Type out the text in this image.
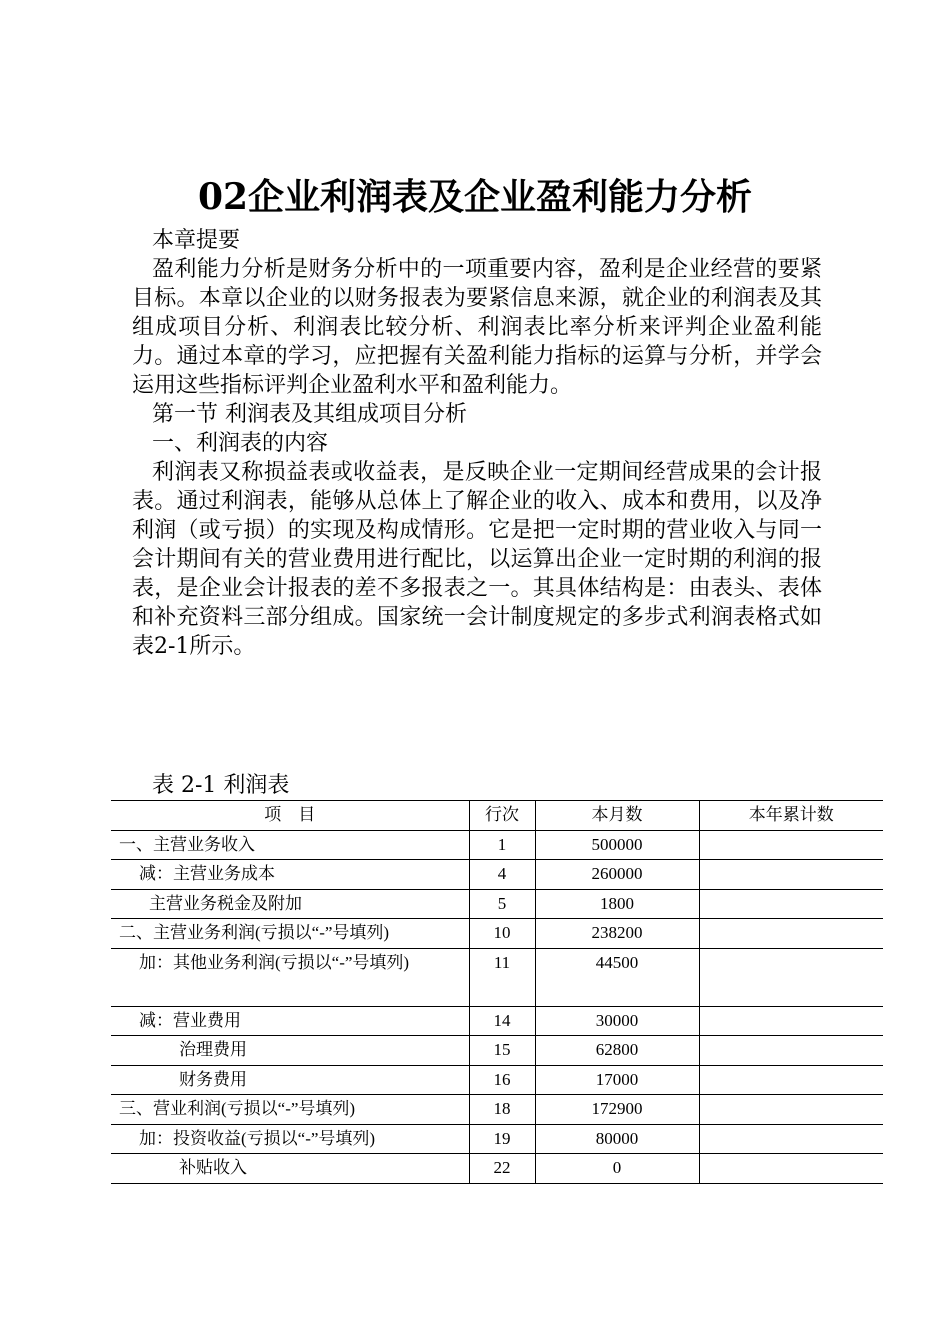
02企业利润表及企业盈利能力分析

本章提要

盈利能力分析是财务分析中的一项重要内容，盈利是企业经营的要紧目标。本章以企业的以财务报表为要紧信息来源，就企业的利润表及其组成项目分析、利润表比较分析、利润表比率分析来评判企业盈利能力。通过本章的学习，应把握有关盈利能力指标的运算与分析，并学会运用这些指标评判企业盈利水平和盈利能力。

第一节 利润表及其组成项目分析

一、利润表的内容

利润表又称损益表或收益表，是反映企业一定期间经营成果的会计报表。通过利润表，能够从总体上了解企业的收入、成本和费用，以及净利润（或亏损）的实现及构成情形。它是把一定时期的营业收入与同一会计期间有关的营业费用进行配比，以运算出企业一定时期的利润的报表，是企业会计报表的差不多报表之一。其具体结构是：由表头、表体和补充资料三部分组成。国家统一会计制度规定的多步式利润表格式如表2-1所示。

表 2-1 利润表
项　目	行次	本月数	本年累计数
一、主营业务收入	1	500000	
减：主营业务成本	4	260000	
主营业务税金及附加	5	1800	
二、主营业务利润(亏损以“-”号填列)	10	238200	
加：其他业务利润(亏损以“-”号填列)	11	44500	
减：营业费用	14	30000	
治理费用	15	62800	
财务费用	16	17000	
三、营业利润(亏损以“-”号填列)	18	172900	
加：投资收益(亏损以“-”号填列)	19	80000	
补贴收入	22	0	
